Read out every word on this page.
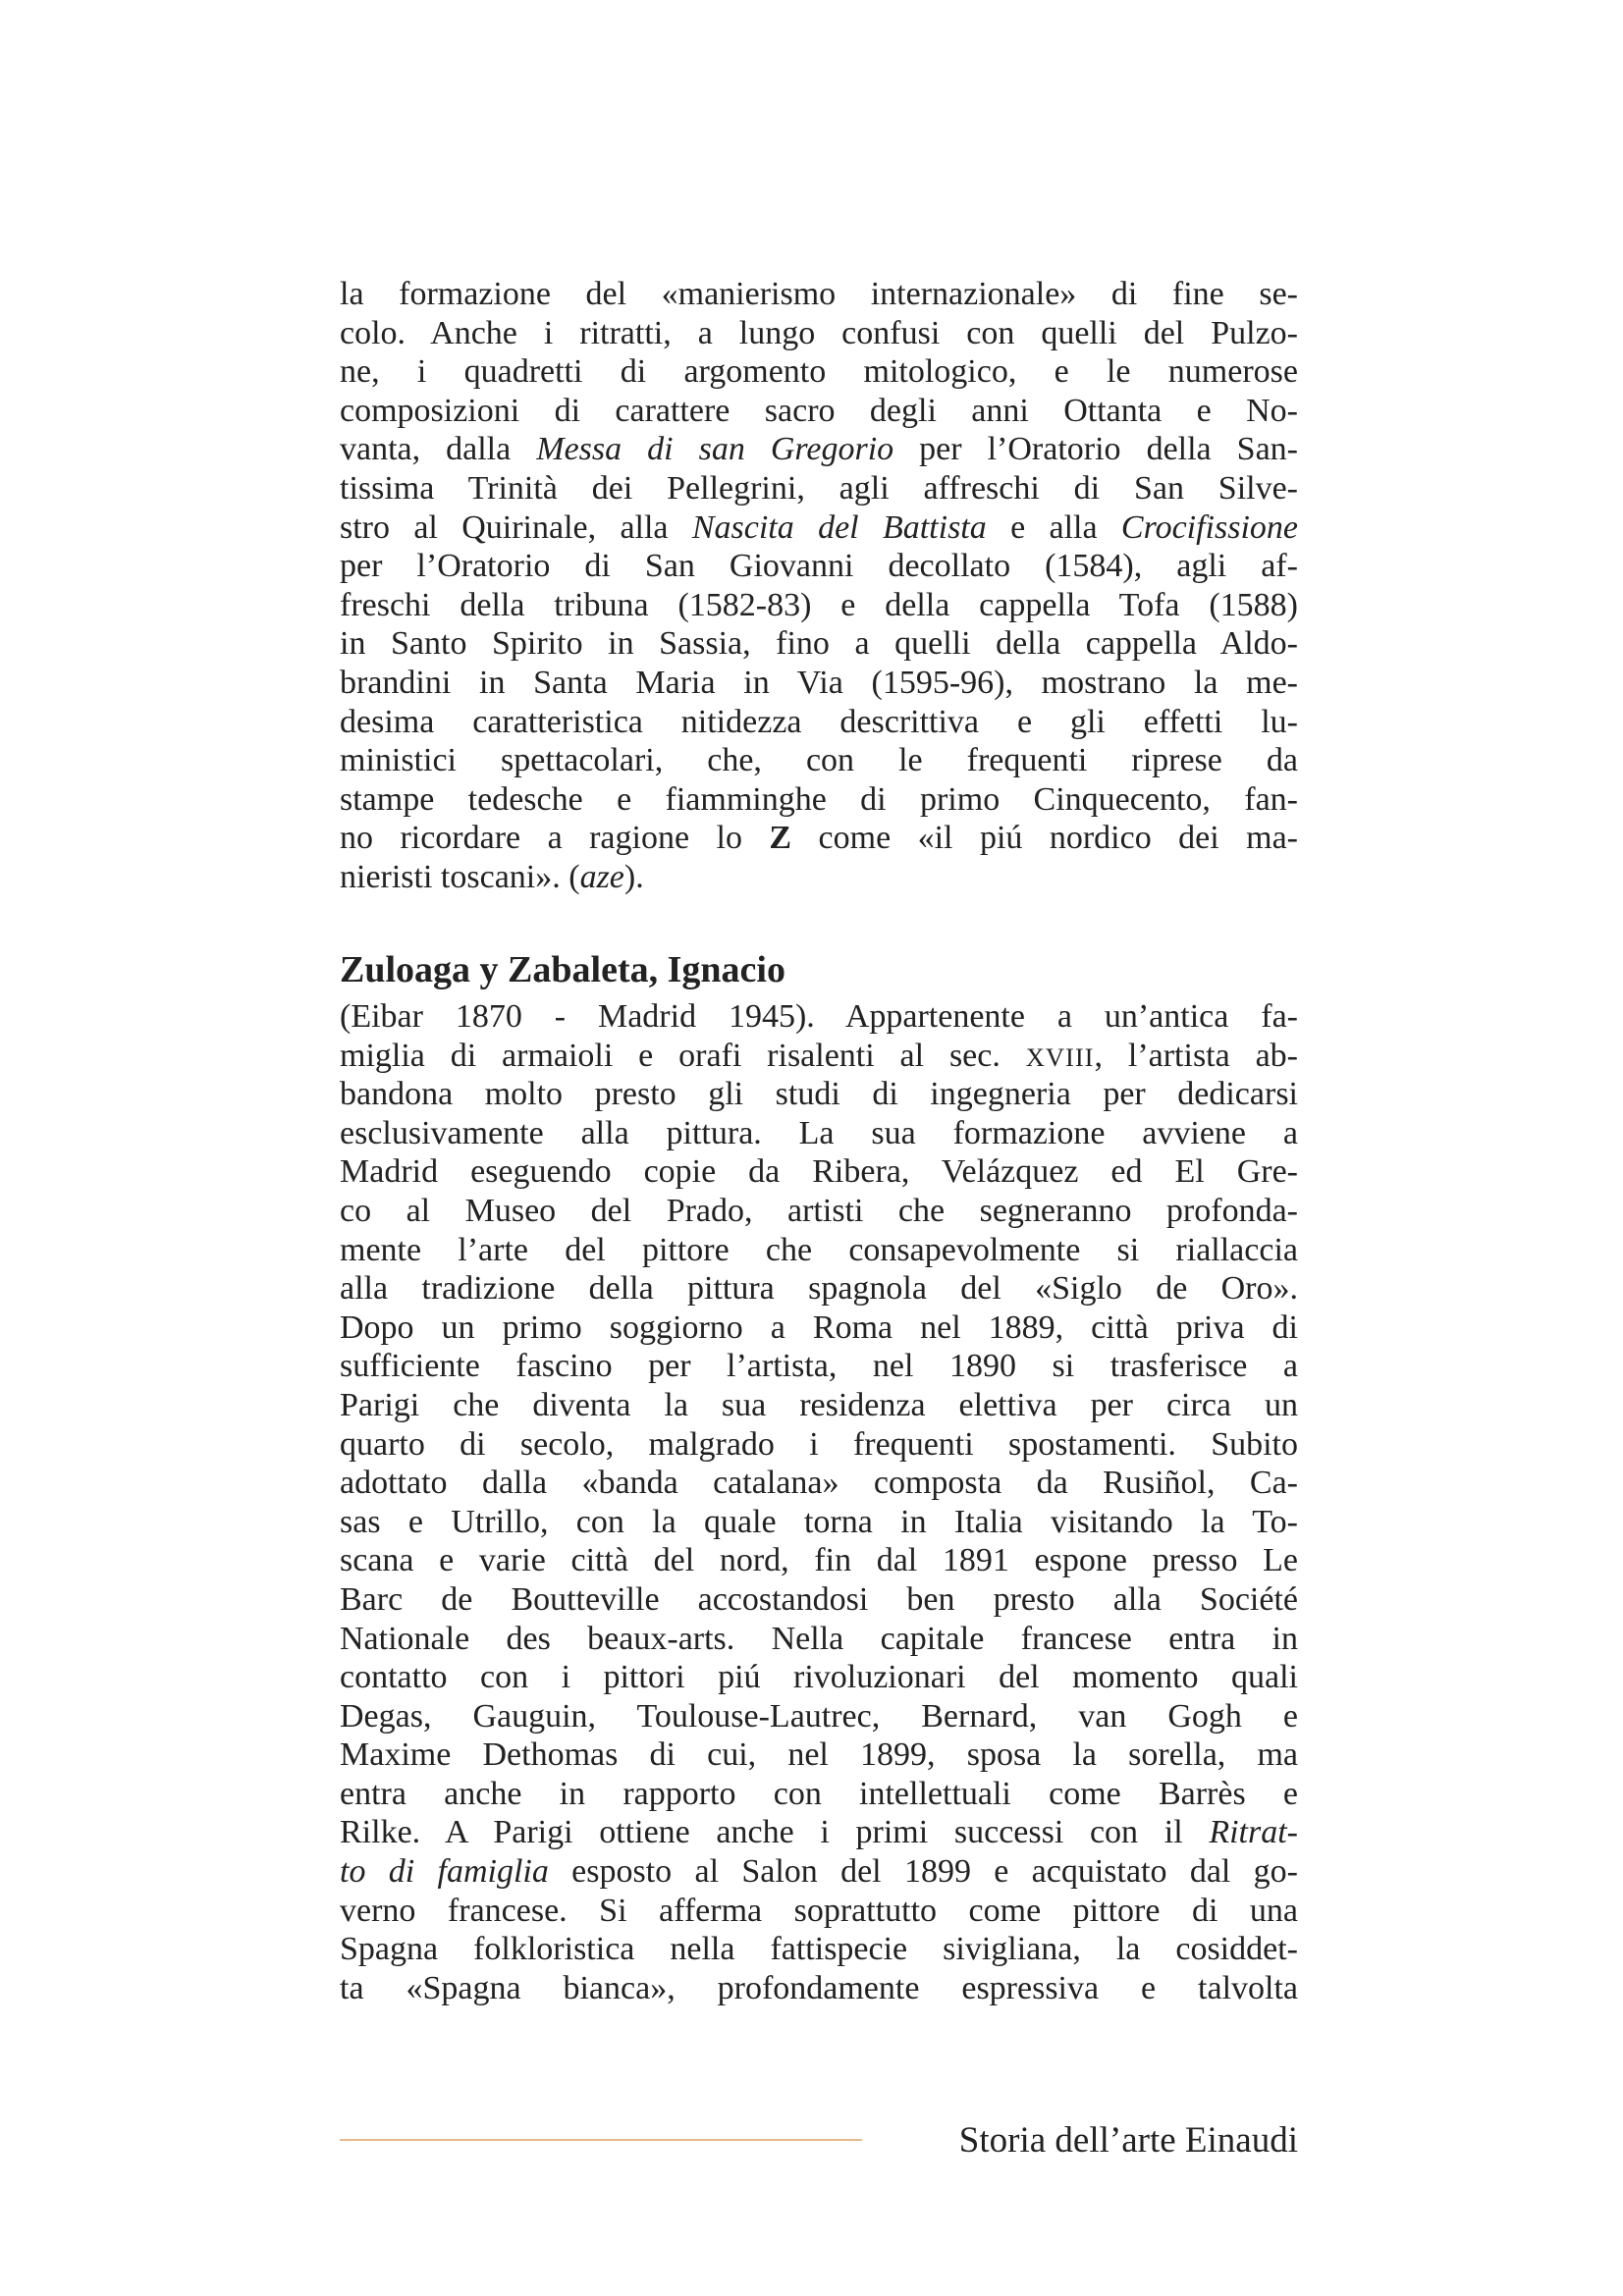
la formazione del «manierismo internazionale» di fine se-
colo. Anche i ritratti, a lungo confusi con quelli del Pulzo-
ne, i quadretti di argomento mitologico, e le numerose
composizioni di carattere sacro degli anni Ottanta e No-
vanta, dalla Messa di san Gregorio per l’Oratorio della San-
tissima Trinità dei Pellegrini, agli affreschi di San Silve-
stro al Quirinale, alla Nascita del Battista e alla Crocifissione
per l’Oratorio di San Giovanni decollato (1584), agli af-
freschi della tribuna (1582-83) e della cappella Tofa (1588)
in Santo Spirito in Sassia, fino a quelli della cappella Aldo-
brandini in Santa Maria in Via (1595-96), mostrano la me-
desima caratteristica nitidezza descrittiva e gli effetti lu-
ministici spettacolari, che, con le frequenti riprese da
stampe tedesche e fiamminghe di primo Cinquecento, fan-
no ricordare a ragione lo Z come «il piú nordico dei ma-
nieristi toscani». (aze).
Zuloaga y Zabaleta, Ignacio
(Eibar 1870 - Madrid 1945). Appartenente a un’antica fa-
miglia di armaioli e orafi risalenti al sec. XVIII, l’artista ab-
bandona molto presto gli studi di ingegneria per dedicarsi
esclusivamente alla pittura. La sua formazione avviene a
Madrid eseguendo copie da Ribera, Velázquez ed El Gre-
co al Museo del Prado, artisti che segneranno profonda-
mente l’arte del pittore che consapevolmente si riallaccia
alla tradizione della pittura spagnola del «Siglo de Oro».
Dopo un primo soggiorno a Roma nel 1889, città priva di
sufficiente fascino per l’artista, nel 1890 si trasferisce a
Parigi che diventa la sua residenza elettiva per circa un
quarto di secolo, malgrado i frequenti spostamenti. Subito
adottato dalla «banda catalana» composta da Rusiñol, Ca-
sas e Utrillo, con la quale torna in Italia visitando la To-
scana e varie città del nord, fin dal 1891 espone presso Le
Barc de Boutteville accostandosi ben presto alla Société
Nationale des beaux-arts. Nella capitale francese entra in
contatto con i pittori piú rivoluzionari del momento quali
Degas, Gauguin, Toulouse-Lautrec, Bernard, van Gogh e
Maxime Dethomas di cui, nel 1899, sposa la sorella, ma
entra anche in rapporto con intellettuali come Barrès e
Rilke. A Parigi ottiene anche i primi successi con il Ritrat-
to di famiglia esposto al Salon del 1899 e acquistato dal go-
verno francese. Si afferma soprattutto come pittore di una
Spagna folkloristica nella fattispecie sivigliana, la cosiddet-
ta «Spagna bianca», profondamente espressiva e talvolta
Storia dell’arte Einaudi
